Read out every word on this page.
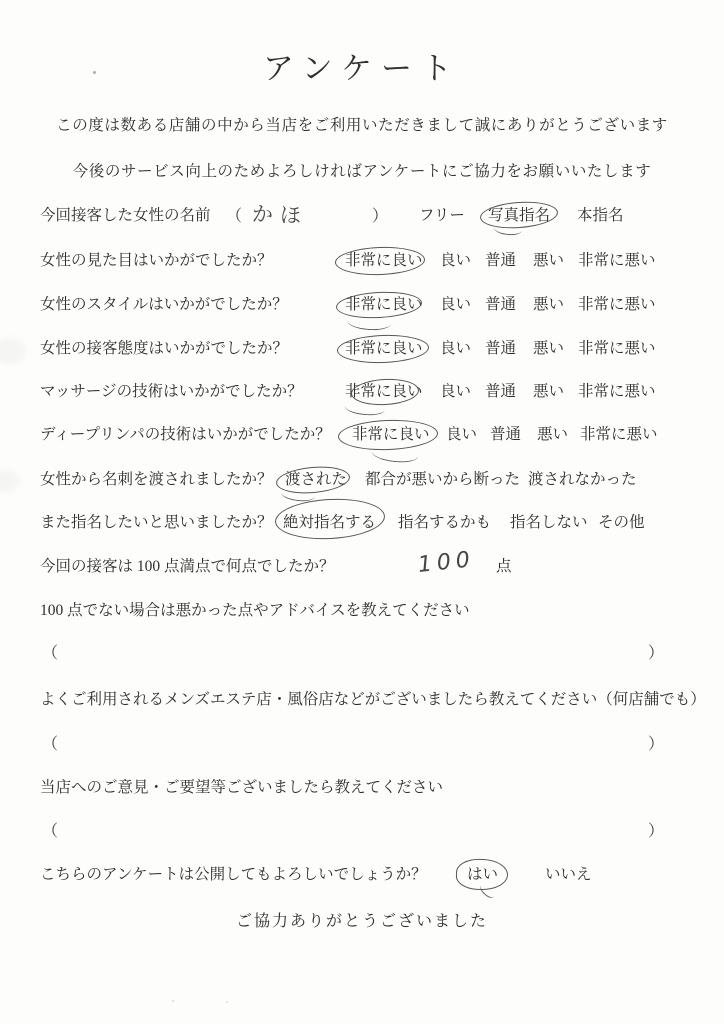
アンケート
この度は数ある店舗の中から当店をご利用いただきまして誠にありがとうございます
今後のサービス向上のためよろしければアンケートにご協力をお願いいたします
今回接客した女性の名前 （ かほ	） フリー 写真指名 本指名
女性の見た目はいかがでしたか？	非常に良い 良い 普通 悪い 非常に悪い
女性のスタイルはいかがでしたか？	非常に良い 良い 普通 悪い 非常に悪い
女性の接客態度はいかがでしたか？	非常に良い 良い 普通 悪い 非常に悪い
マッサージの技術はいかがでしたか？	非常に良い 良い 普通 悪い 非常に悪い
ディープリンパの技術はいかがでしたか？ 非常に良い 良い 普通 悪い 非常に悪い
女性から名刺を渡されましたか？ 渡された 都合が悪いから断った 渡されなかった
また指名したいと思いましたか？ 絶対指名する 指名するかも 指名しない その他
今回の接客は 100 点満点で何点でしたか？	100 点
100 点でない場合は悪かった点やアドバイスを教えてください
（	）
よくご利用されるメンズエステ店・風俗店などがございましたら教えてください（何店舗でも）
（	）
当店へのご意見・ご要望等ございましたら教えてください
（	）
こちらのアンケートは公開してもよろしいでしょうか？	はい	いいえ
ご協力ありがとうございました
